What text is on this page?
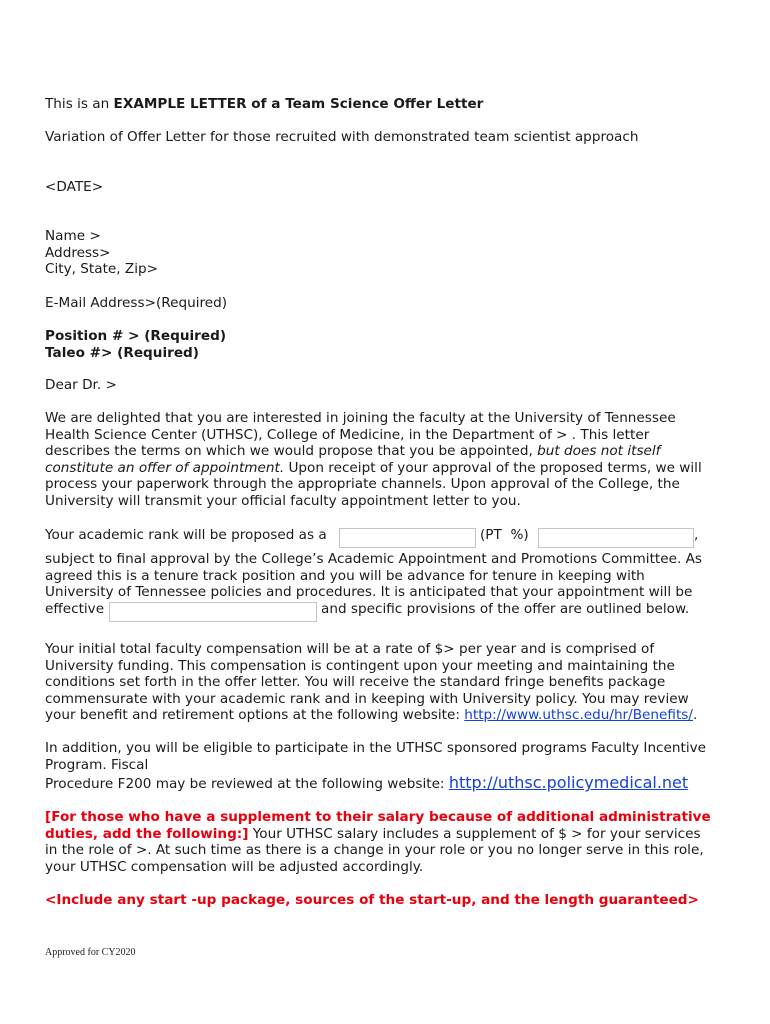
This is an EXAMPLE LETTER of a Team Science Offer Letter
Variation of Offer Letter for those recruited with demonstrated team scientist approach
<DATE>
Name >
Address>
City, State, Zip>
E-Mail Address>(Required)
Position # > (Required)
Taleo #> (Required)
Dear Dr. >
We are delighted that you are interested in joining the faculty at the University of Tennessee
Health Science Center (UTHSC), College of Medicine, in the Department of > . This letter
describes the terms on which we would propose that you be appointed, but does not itself
constitute an offer of appointment. Upon receipt of your approval of the proposed terms, we will
process your paperwork through the appropriate channels. Upon approval of the College, the
University will transmit your official faculty appointment letter to you.
Your academic rank will be proposed as a	(PT  %)	,
subject to final approval by the College’s Academic Appointment and Promotions Committee. As
agreed this is a tenure track position and you will be advance for tenure in keeping with
University of Tennessee policies and procedures. It is anticipated that your appointment will be
effective	and specific provisions of the offer are outlined below.
Your initial total faculty compensation will be at a rate of $> per year and is comprised of
University funding. This compensation is contingent upon your meeting and maintaining the
conditions set forth in the offer letter. You will receive the standard fringe benefits package
commensurate with your academic rank and in keeping with University policy. You may review
your benefit and retirement options at the following website: http://www.uthsc.edu/hr/Benefits/.
In addition, you will be eligible to participate in the UTHSC sponsored programs Faculty Incentive
Program. Fiscal
Procedure F200 may be reviewed at the following website: http://uthsc.policymedical.net
[For those who have a supplement to their salary because of additional administrative
duties, add the following:] Your UTHSC salary includes a supplement of $ > for your services
in the role of >. At such time as there is a change in your role or you no longer serve in this role,
your UTHSC compensation will be adjusted accordingly.
<Include any start -up package, sources of the start-up, and the length guaranteed>
Approved for CY2020
